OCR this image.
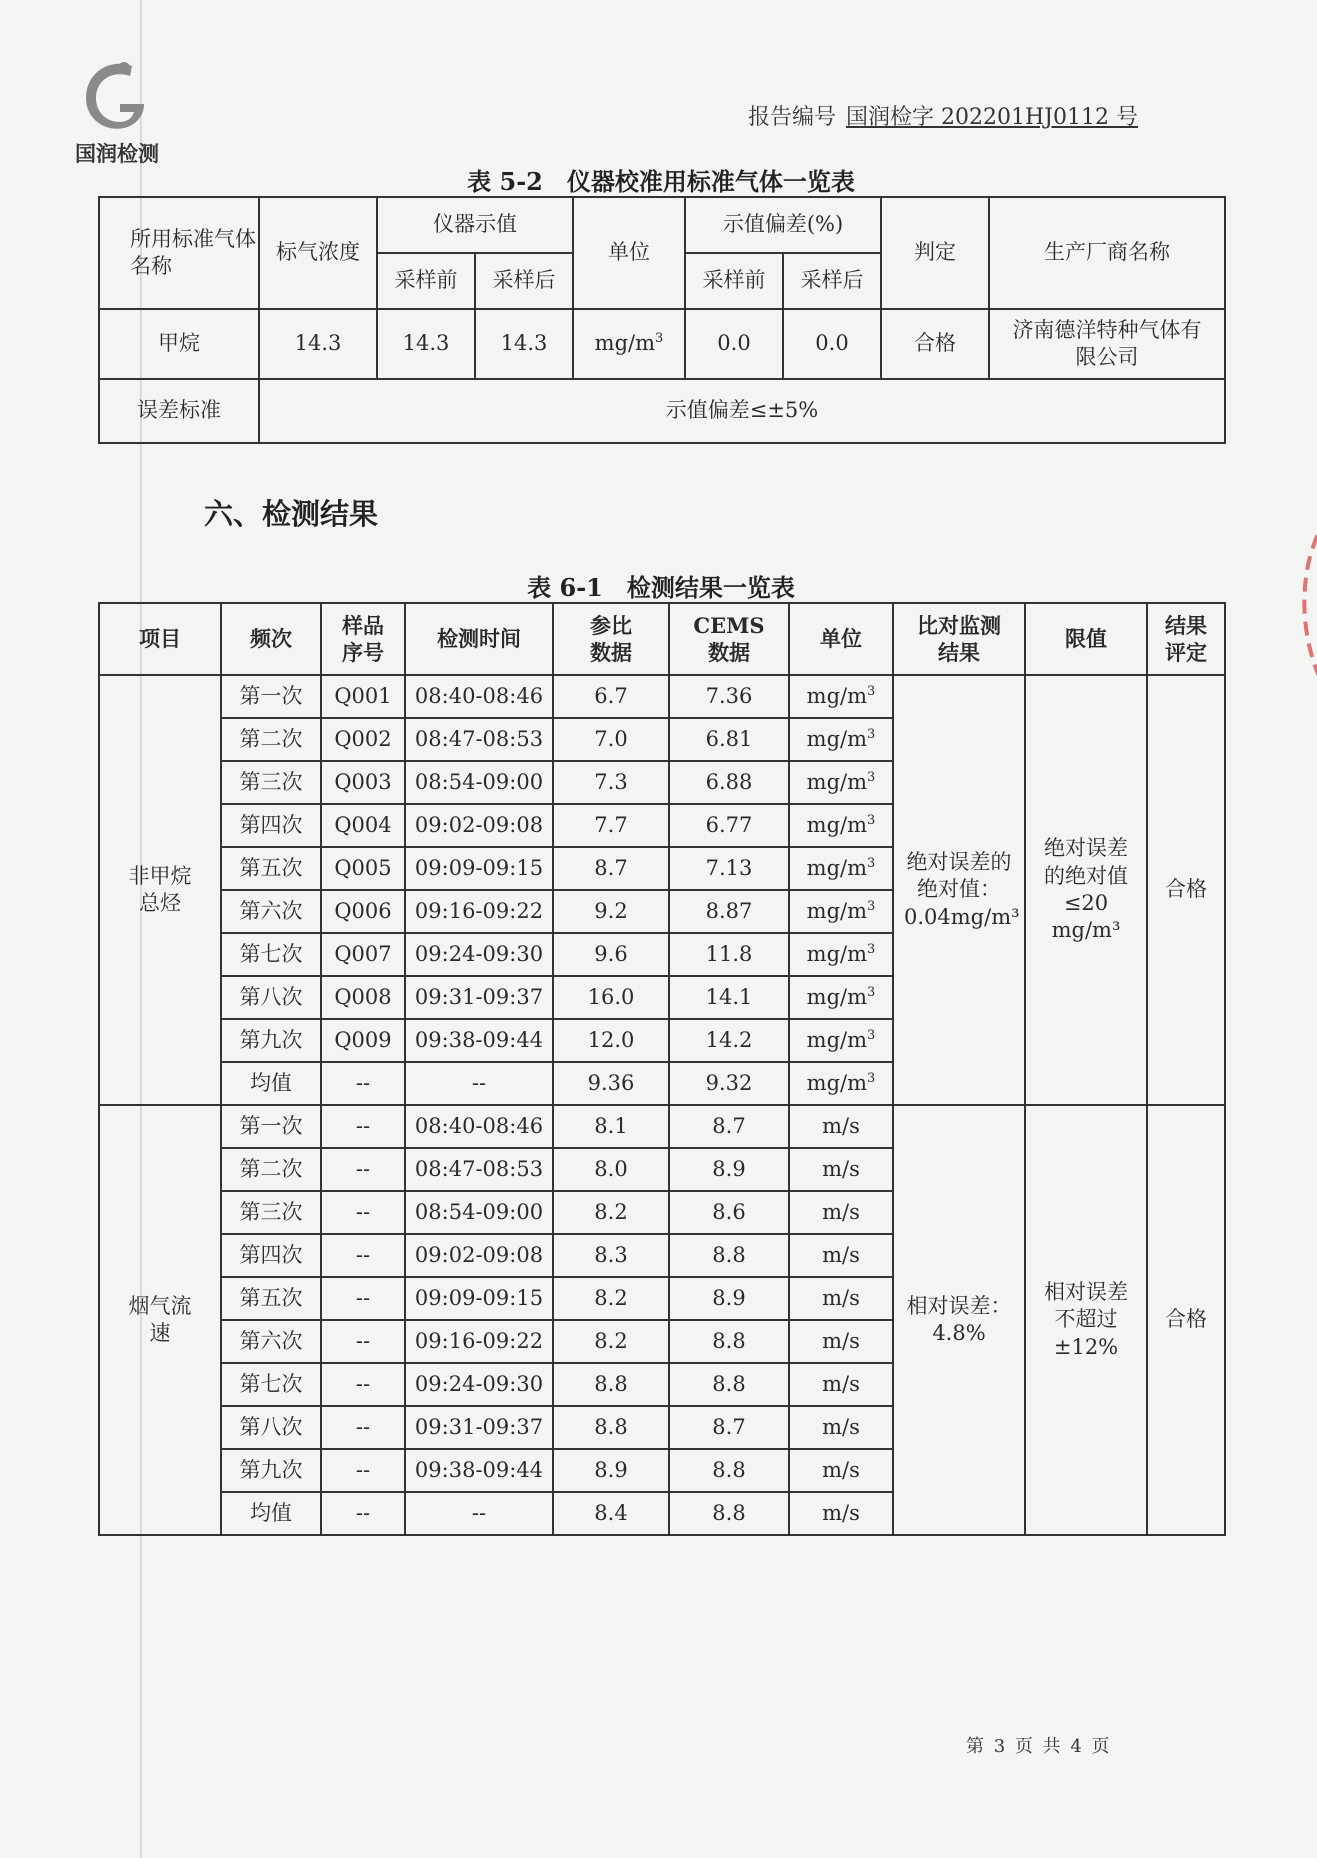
国润检测
报告编号 国润检字 202201HJ0112 号
表 5-2　仪器校准用标准气体一览表
所用标准气体名称	标气浓度	仪器示值		单位	示值偏差(%)		判定	生产厂商名称
		采样前	采样后		采样前	采样后		
甲烷	14.3	14.3	14.3	$mg/m^3$	0.0	0.0	合格	济南德洋特种气体有限公司
误差标准	示值偏差≤±5%							
六、检测结果
表 6-1　检测结果一览表
项目	频次	样品序号	检测时间	参比数据	CEMS 数据	单位	比对监测结果	限值	结果评定
非甲烷总烃	第一次	Q001	08:40-08:46	6.7	7.36	$mg/m^3$	绝对误差的绝对值：0.04mg/m³	绝对误差的绝对值≤20 mg/m³	合格
	第二次	Q002	08:47-08:53	7.0	6.81	$mg/m^3$
	第三次	Q003	08:54-09:00	7.3	6.88	$mg/m^3$
	第四次	Q004	09:02-09:08	7.7	6.77	$mg/m^3$
	第五次	Q005	09:09-09:15	8.7	7.13	$mg/m^3$
	第六次	Q006	09:16-09:22	9.2	8.87	$mg/m^3$
	第七次	Q007	09:24-09:30	9.6	11.8	$mg/m^3$
	第八次	Q008	09:31-09:37	16.0	14.1	$mg/m^3$
	第九次	Q009	09:38-09:44	12.0	14.2	$mg/m^3$
	均值	--	--	9.36	9.32	$mg/m^3$
烟气流速	第一次	--	08:40-08:46	8.1	8.7	m/s	相对误差：4.8%	相对误差不超过±12%	合格
	第二次	--	08:47-08:53	8.0	8.9	m/s			
	第三次	--	08:54-09:00	8.2	8.6	m/s			
	第四次	--	09:02-09:08	8.3	8.8	m/s			
	第五次	--	09:09-09:15	8.2	8.9	m/s			
	第六次	--	09:16-09:22	8.2	8.8	m/s			
	第七次	--	09:24-09:30	8.8	8.8	m/s			
	第八次	--	09:31-09:37	8.8	8.7	m/s			
	第九次	--	09:38-09:44	8.9	8.8	m/s			
	均值	--	--	8.4	8.8	m/s			
第 3 页 共 4 页
